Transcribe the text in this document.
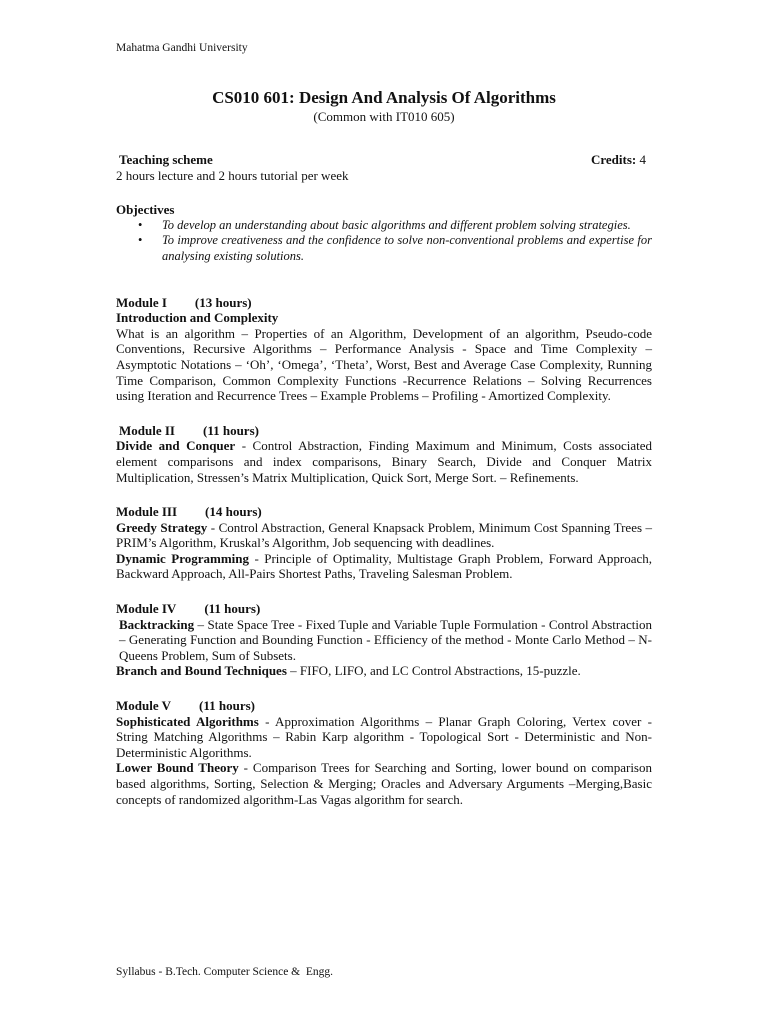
Mahatma Gandhi University
CS010 601: Design And Analysis Of Algorithms
(Common with IT010 605)
Teaching scheme	Credits: 4

2 hours lecture and 2 hours tutorial per week

Objectives

• To develop an understanding about basic algorithms and different problem solving strategies.
• To improve creativeness and the confidence to solve non-conventional problems and expertise for analysing existing solutions.

Module I (13 hours)

Introduction and Complexity

What is an algorithm – Properties of an Algorithm, Development of an algorithm, Pseudo-code Conventions, Recursive Algorithms – Performance Analysis - Space and Time Complexity –Asymptotic Notations – ‘Oh’, ‘Omega’, ‘Theta’, Worst, Best and Average Case Complexity, Running Time Comparison, Common Complexity Functions -Recurrence Relations – Solving Recurrences using Iteration and Recurrence Trees – Example Problems – Profiling - Amortized Complexity.

Module II (11 hours)

Divide and Conquer - Control Abstraction, Finding Maximum and Minimum, Costs associated element comparisons and index comparisons, Binary Search, Divide and Conquer Matrix Multiplication, Stressen’s Matrix Multiplication, Quick Sort, Merge Sort. – Refinements.

Module III (14 hours)

Greedy Strategy - Control Abstraction, General Knapsack Problem, Minimum Cost Spanning Trees – PRIM’s Algorithm, Kruskal’s Algorithm, Job sequencing with deadlines.

Dynamic Programming - Principle of Optimality, Multistage Graph Problem, Forward Approach, Backward Approach, All-Pairs Shortest Paths, Traveling Salesman Problem.

Module IV (11 hours)

Backtracking – State Space Tree - Fixed Tuple and Variable Tuple Formulation - Control Abstraction – Generating Function and Bounding Function - Efficiency of the method - Monte Carlo Method – N-Queens Problem, Sum of Subsets.

Branch and Bound Techniques – FIFO, LIFO, and LC Control Abstractions, 15-puzzle.

Module V (11 hours)

Sophisticated Algorithms - Approximation Algorithms – Planar Graph Coloring, Vertex cover - String Matching Algorithms – Rabin Karp algorithm - Topological Sort - Deterministic and Non-Deterministic Algorithms.

Lower Bound Theory - Comparison Trees for Searching and Sorting, lower bound on comparison based algorithms, Sorting, Selection & Merging; Oracles and Adversary Arguments –Merging,Basic concepts of randomized algorithm-Las Vagas algorithm for search.

Syllabus - B.Tech. Computer Science &  Engg.
